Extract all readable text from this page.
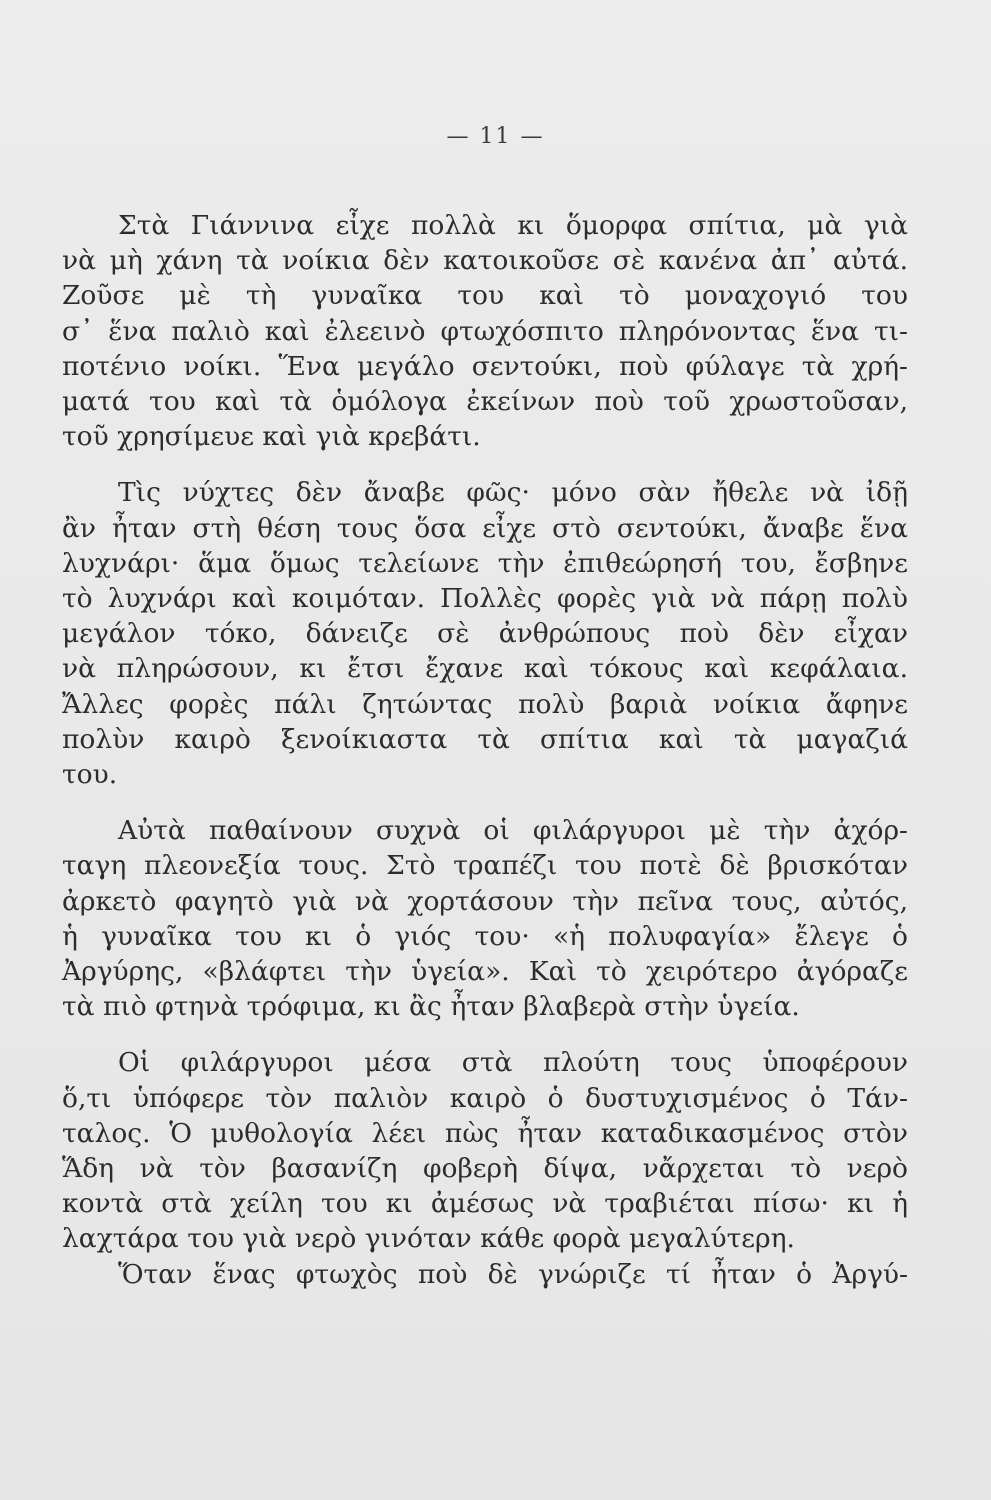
— 11 —
Στὰ Γιάννινα εἶχε πολλὰ κι ὅμορφα σπίτια, μὰ γιὰ
νὰ μὴ χάνη τὰ νοίκια δὲν κατοικοῦσε σὲ κανένα ἀπ᾿ αὐτά.
Ζοῦσε μὲ τὴ γυναῖκα του καὶ τὸ μοναχογιό του
σ᾿ ἕνα παλιὸ καὶ ἐλεεινὸ φτωχόσπιτο πληρόνοντας ἕνα τι-
ποτένιο νοίκι. Ἕνα μεγάλο σεντούκι, ποὺ φύλαγε τὰ χρή-
ματά του καὶ τὰ ὁμόλογα ἐκείνων ποὺ τοῦ χρωστοῦσαν,
τοῦ χρησίμευε καὶ γιὰ κρεβάτι.
Τὶς νύχτες δὲν ἄναβε φῶς· μόνο σὰν ἤθελε νὰ ἰδῇ
ἂν ἦταν στὴ θέση τους ὅσα εἶχε στὸ σεντούκι, ἄναβε ἕνα
λυχνάρι· ἅμα ὅμως τελείωνε τὴν ἐπιθεώρησή του, ἔσβηνε
τὸ λυχνάρι καὶ κοιμόταν. Πολλὲς φορὲς γιὰ νὰ πάρῃ πολὺ
μεγάλον τόκο, δάνειζε σὲ ἀνθρώπους ποὺ δὲν εἶχαν
νὰ πληρώσουν, κι ἔτσι ἔχανε καὶ τόκους καὶ κεφάλαια.
Ἄλλες φορὲς πάλι ζητώντας πολὺ βαριὰ νοίκια ἄφηνε
πολὺν καιρὸ ξενοίκιαστα τὰ σπίτια καὶ τὰ μαγαζιά
του.
Αὐτὰ παθαίνουν συχνὰ οἱ φιλάργυροι μὲ τὴν ἀχόρ-
ταγη πλεονεξία τους. Στὸ τραπέζι του ποτὲ δὲ βρισκόταν
ἀρκετὸ φαγητὸ γιὰ νὰ χορτάσουν τὴν πεῖνα τους, αὐτός,
ἡ γυναῖκα του κι ὁ γιός του· «ἡ πολυφαγία» ἔλεγε ὁ
Ἀργύρης, «βλάφτει τὴν ὑγεία». Καὶ τὸ χειρότερο ἀγόραζε
τὰ πιὸ φτηνὰ τρόφιμα, κι ἂς ἦταν βλαβερὰ στὴν ὑγεία.
Οἱ φιλάργυροι μέσα στὰ πλούτη τους ὑποφέρουν
ὅ,τι ὑπόφερε τὸν παλιὸν καιρὸ ὁ δυστυχισμένος ὁ Τάν-
ταλος. Ὁ μυθολογία λέει πὼς ἦταν καταδικασμένος στὸν
Ἅδη νὰ τὸν βασανίζη φοβερὴ δίψα, νἄρχεται τὸ νερὸ
κοντὰ στὰ χείλη του κι ἀμέσως νὰ τραβιέται πίσω· κι ἡ
λαχτάρα του γιὰ νερὸ γινόταν κάθε φορὰ μεγαλύτερη.
Ὅταν ἕνας φτωχὸς ποὺ δὲ γνώριζε τί ἦταν ὁ Ἀργύ-
